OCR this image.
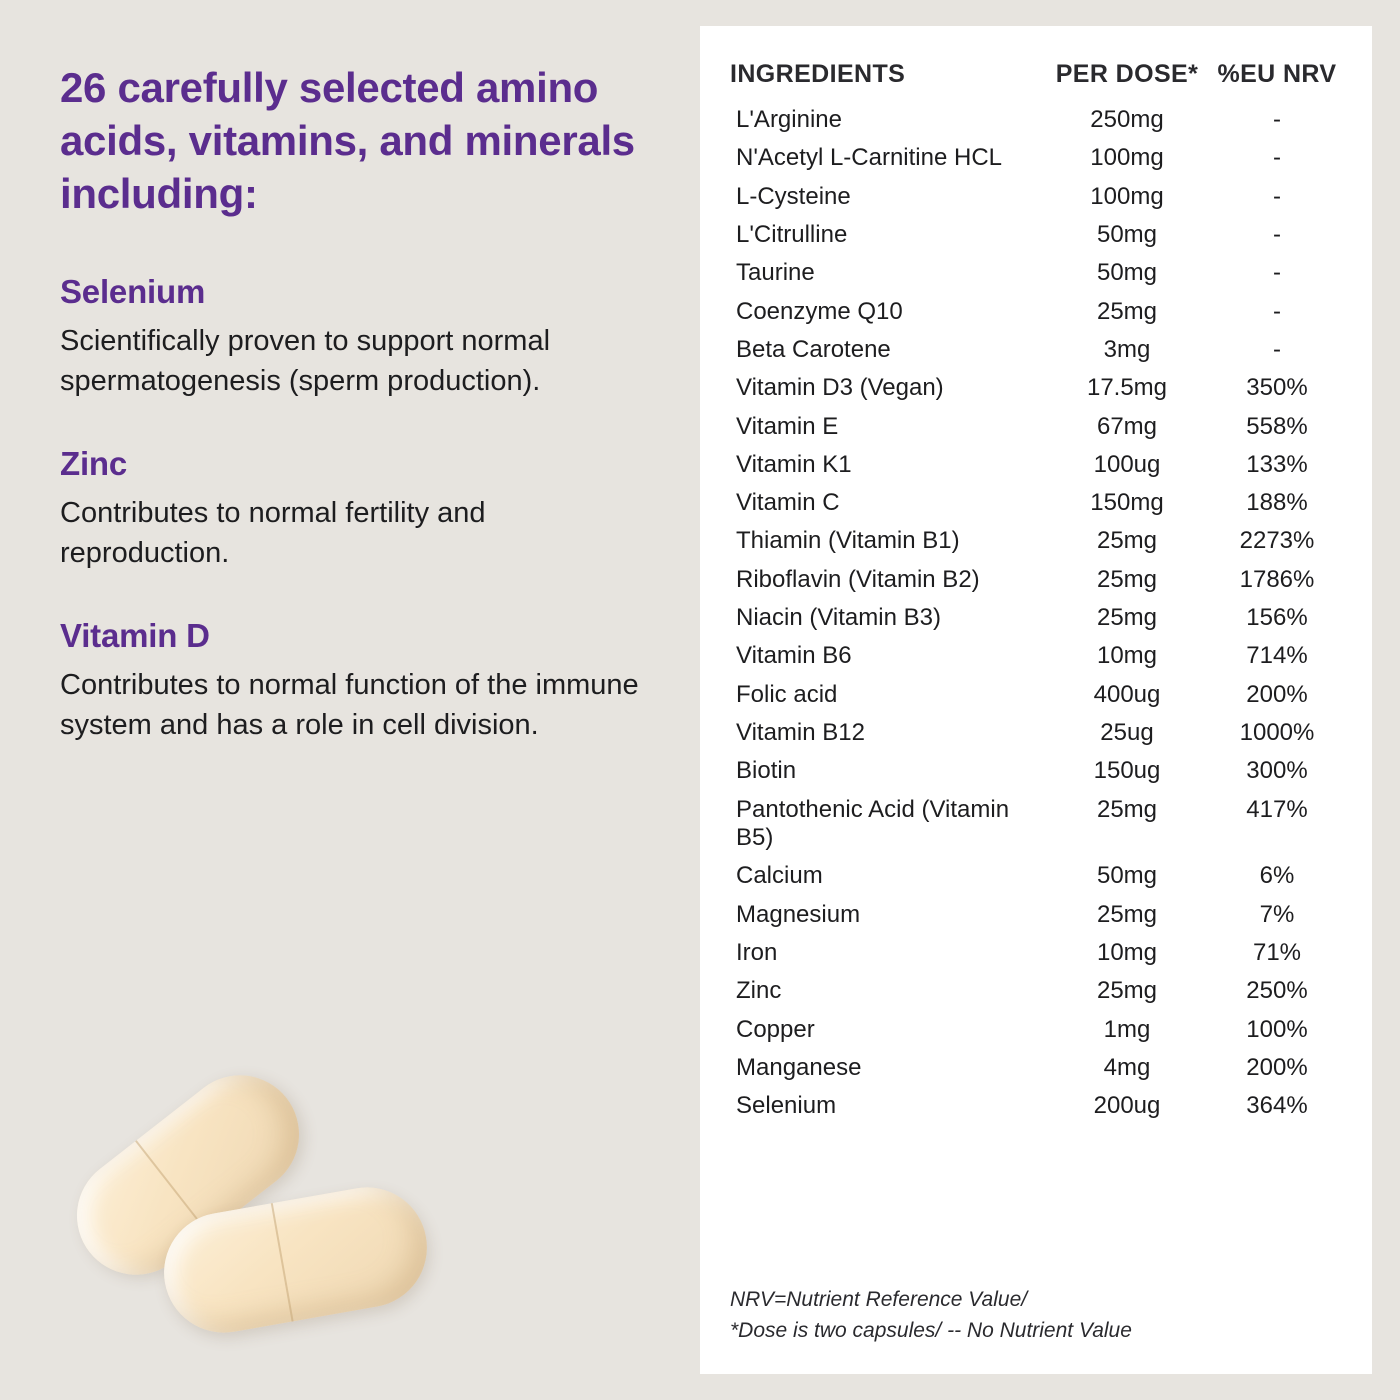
26 carefully selected amino acids, vitamins, and minerals including:
Selenium

Scientifically proven to support normal spermatogenesis (sperm production).

Zinc

Contributes to normal fertility and reproduction.

Vitamin D

Contributes to normal function of the immune system and has a role in cell division.

INGREDIENTS	PER DOSE*	%EU NRV
L'Arginine	250mg	-
N'Acetyl L-Carnitine HCL	100mg	-
L-Cysteine	100mg	-
L'Citrulline	50mg	-
Taurine	50mg	-
Coenzyme Q10	25mg	-
Beta Carotene	3mg	-
Vitamin D3 (Vegan)	17.5mg	350%
Vitamin E	67mg	558%
Vitamin K1	100ug	133%
Vitamin C	150mg	188%
Thiamin (Vitamin B1)	25mg	2273%
Riboflavin (Vitamin B2)	25mg	1786%
Niacin (Vitamin B3)	25mg	156%
Vitamin B6	10mg	714%
Folic acid	400ug	200%
Vitamin B12	25ug	1000%
Biotin	150ug	300%
Pantothenic Acid (Vitamin B5)	25mg	417%
Calcium	50mg	6%
Magnesium	25mg	7%
Iron	10mg	71%
Zinc	25mg	250%
Copper	1mg	100%
Manganese	4mg	200%
Selenium	200ug	364%
NRV=Nutrient Reference Value/
*Dose is two capsules/ -- No Nutrient Value
